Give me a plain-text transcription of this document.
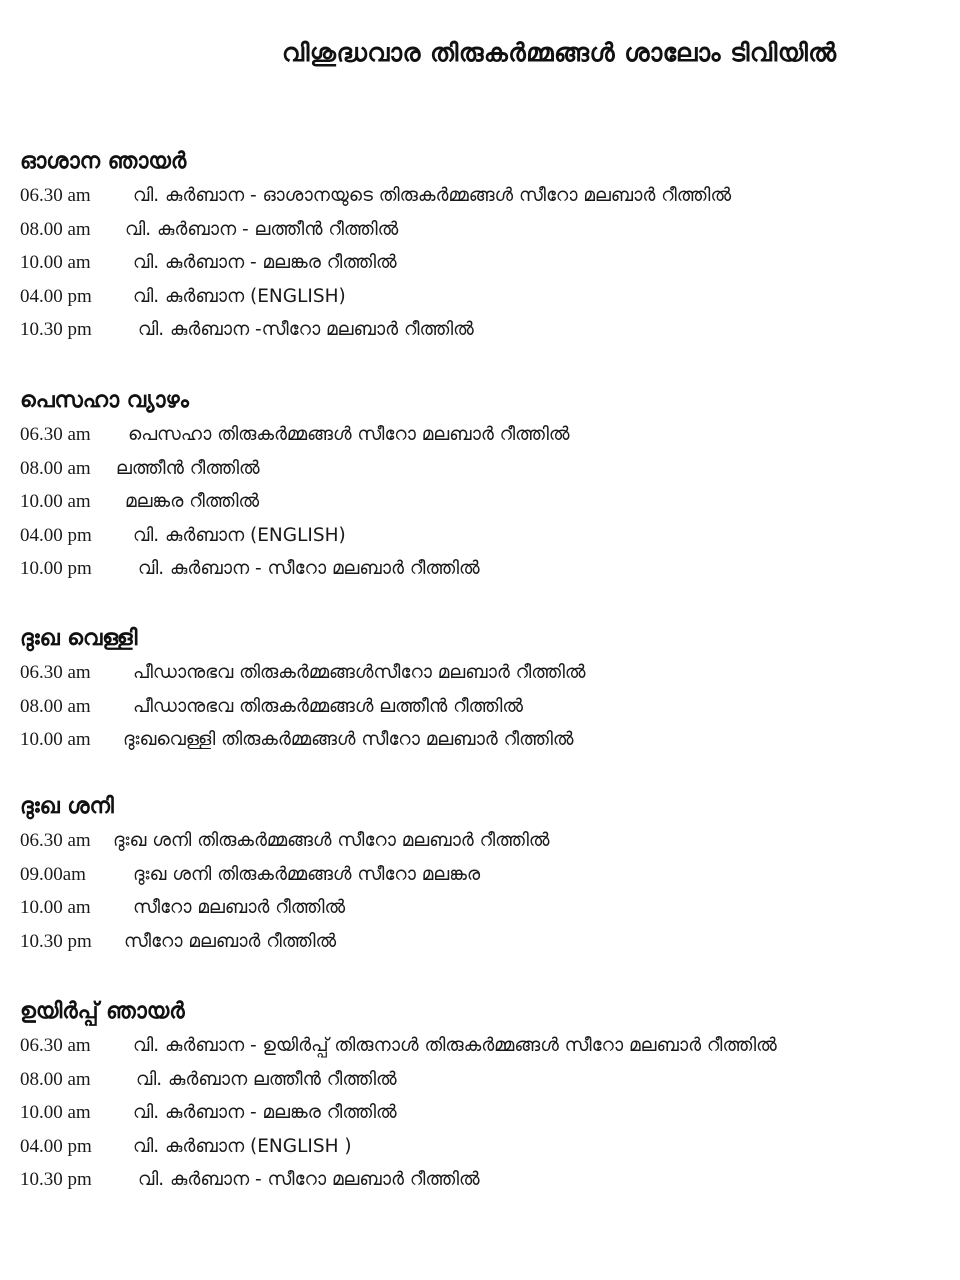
വിശുദ്ധവാര തിരുകർമ്മങ്ങൾ ശാലോം ടിവിയിൽ
ഓശാന ഞായർ
06.30 am	വി. കുർബാന - ഓശാനയുടെ തിരുകർമ്മങ്ങൾ സീറോ മലബാർ റീത്തിൽ
08.00 am	വി. കുർബാന - ലത്തീൻ റീത്തിൽ
10.00 am	വി. കുർബാന - മലങ്കര റീത്തിൽ
04.00 pm	വി. കുർബാന (ENGLISH)
10.30 pm	വി. കുർബാന -സീറോ മലബാർ റീത്തിൽ
പെസഹാ വ്യാഴം
06.30 am	പെസഹാ തിരുകർമ്മങ്ങൾ സീറോ മലബാർ റീത്തിൽ
08.00 am	ലത്തീൻ റീത്തിൽ
10.00 am	മലങ്കര റീത്തിൽ
04.00 pm	വി. കുർബാന (ENGLISH)
10.00 pm	വി. കുർബാന - സീറോ മലബാർ റീത്തിൽ
ദുഃഖ വെള്ളി
06.30 am	പീഡാനുഭവ തിരുകർമ്മങ്ങൾസീറോ മലബാർ റീത്തിൽ
08.00 am	പീഡാനുഭവ തിരുകർമ്മങ്ങൾ ലത്തീൻ റീത്തിൽ
10.00 am	ദുഃഖവെള്ളി തിരുകർമ്മങ്ങൾ സീറോ മലബാർ റീത്തിൽ
ദുഃഖ ശനി
06.30 am	ദുഃഖ ശനി തിരുകർമ്മങ്ങൾ സീറോ മലബാർ റീത്തിൽ
09.00am	ദുഃഖ ശനി തിരുകർമ്മങ്ങൾ സീറോ മലങ്കര
10.00 am	സീറോ മലബാർ റീത്തിൽ
10.30 pm	സീറോ മലബാർ റീത്തിൽ
ഉയിർപ്പ് ഞായർ
06.30 am	വി. കുർബാന - ഉയിർപ്പ് തിരുനാൾ തിരുകർമ്മങ്ങൾ സീറോ മലബാർ റീത്തിൽ
08.00 am	വി. കുർബാന ലത്തീൻ റീത്തിൽ
10.00 am	വി. കുർബാന - മലങ്കര റീത്തിൽ
04.00 pm	വി. കുർബാന (ENGLISH )
10.30 pm	വി. കുർബാന - സീറോ മലബാർ റീത്തിൽ
